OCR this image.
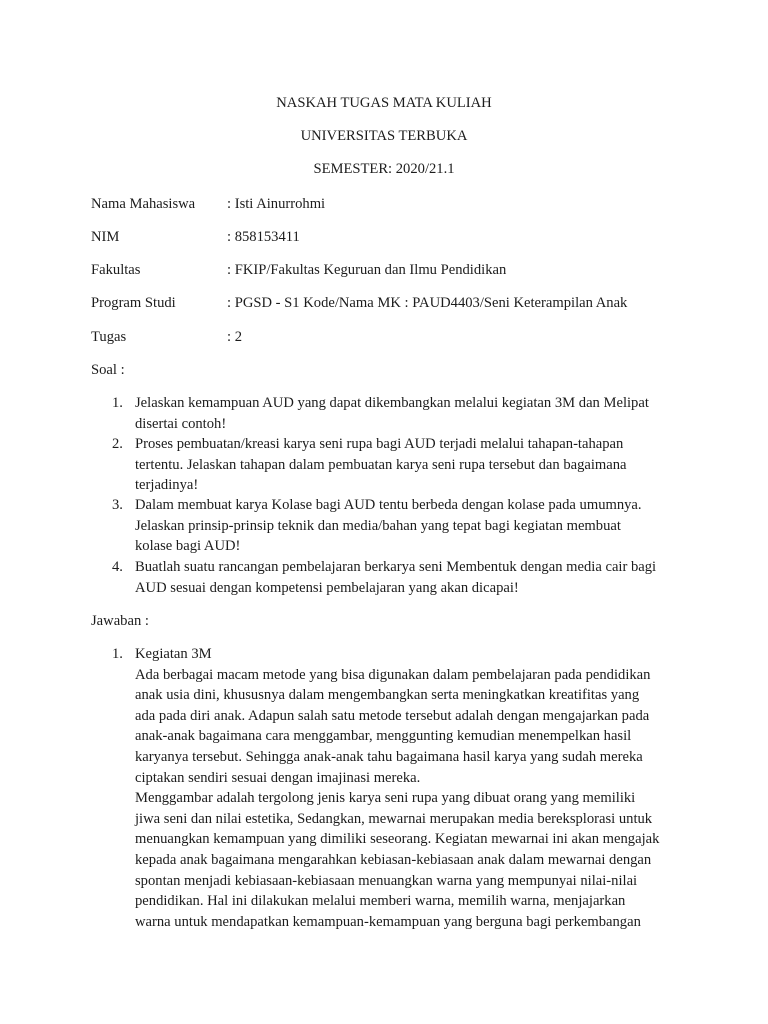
NASKAH TUGAS MATA KULIAH
UNIVERSITAS TERBUKA
SEMESTER: 2020/21.1
Nama Mahasiswa : Isti Ainurrohmi
NIM	: 858153411
Fakultas	: FKIP/Fakultas Keguruan dan Ilmu Pendidikan
Program Studi	: PGSD - S1 Kode/Nama MK : PAUD4403/Seni Keterampilan Anak
Tugas	: 2
Soal :
1. Jelaskan kemampuan AUD yang dapat dikembangkan melalui kegiatan 3M dan Melipat
disertai contoh!
2. Proses pembuatan/kreasi karya seni rupa bagi AUD terjadi melalui tahapan-tahapan
tertentu. Jelaskan tahapan dalam pembuatan karya seni rupa tersebut dan bagaimana
terjadinya!
3. Dalam membuat karya Kolase bagi AUD tentu berbeda dengan kolase pada umumnya.
Jelaskan prinsip-prinsip teknik dan media/bahan yang tepat bagi kegiatan membuat
kolase bagi AUD!
4. Buatlah suatu rancangan pembelajaran berkarya seni Membentuk dengan media cair bagi
AUD sesuai dengan kompetensi pembelajaran yang akan dicapai!
Jawaban :
1. Kegiatan 3M
Ada berbagai macam metode yang bisa digunakan dalam pembelajaran pada pendidikan
anak usia dini, khususnya dalam mengembangkan serta meningkatkan kreatifitas yang
ada pada diri anak. Adapun salah satu metode tersebut adalah dengan mengajarkan pada
anak-anak bagaimana cara menggambar, menggunting kemudian menempelkan hasil
karyanya tersebut. Sehingga anak-anak tahu bagaimana hasil karya yang sudah mereka
ciptakan sendiri sesuai dengan imajinasi mereka.
Menggambar adalah tergolong jenis karya seni rupa yang dibuat orang yang memiliki
jiwa seni dan nilai estetika, Sedangkan, mewarnai merupakan media bereksplorasi untuk
menuangkan kemampuan yang dimiliki seseorang. Kegiatan mewarnai ini akan mengajak
kepada anak bagaimana mengarahkan kebiasan-kebiasaan anak dalam mewarnai dengan
spontan menjadi kebiasaan-kebiasaan menuangkan warna yang mempunyai nilai-nilai
pendidikan. Hal ini dilakukan melalui memberi warna, memilih warna, menjajarkan
warna untuk mendapatkan kemampuan-kemampuan yang berguna bagi perkembangan
